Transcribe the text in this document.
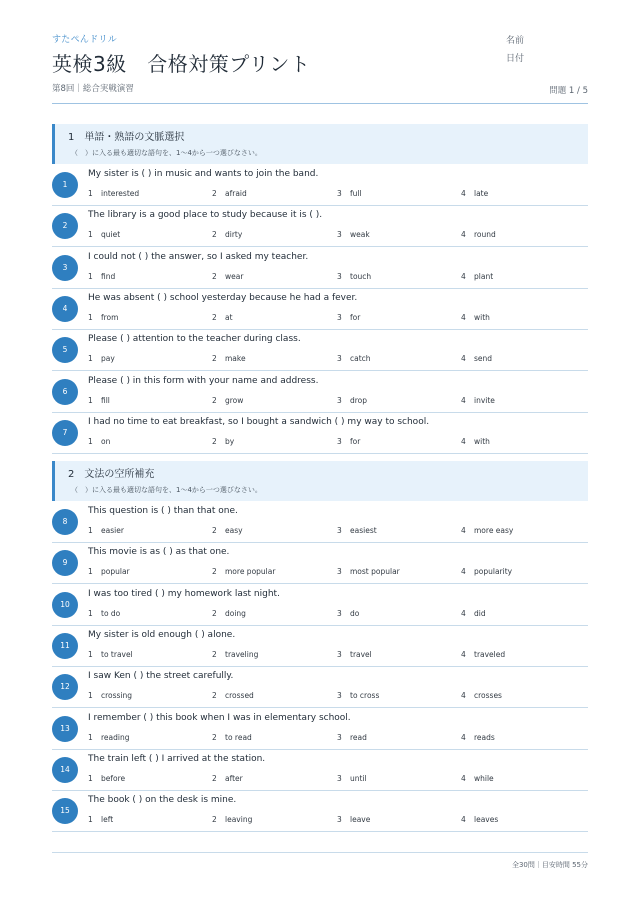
すたぺんドリル
英検3級　合格対策プリント
第8回｜総合実戦演習
名前
日付
問題 1 / 5
1　単語・熟語の文脈選択
（　）に入る最も適切な語句を、1〜4から一つ選びなさい。
1
My sister is ( ) in music and wants to join the band.
1 interested	2 afraid	3 full	4 late
2
The library is a good place to study because it is ( ).
1 quiet	2 dirty	3 weak	4 round
3
I could not ( ) the answer, so I asked my teacher.
1 find	2 wear	3 touch	4 plant
4
He was absent ( ) school yesterday because he had a fever.
1 from	2 at	3 for	4 with
5
Please ( ) attention to the teacher during class.
1 pay	2 make	3 catch	4 send
6
Please ( ) in this form with your name and address.
1 fill	2 grow	3 drop	4 invite
7
I had no time to eat breakfast, so I bought a sandwich ( ) my way to school.
1 on	2 by	3 for	4 with
2　文法の空所補充
（　）に入る最も適切な語句を、1〜4から一つ選びなさい。
8
This question is ( ) than that one.
1 easier	2 easy	3 easiest	4 more easy
9
This movie is as ( ) as that one.
1 popular	2 more popular	3 most popular	4 popularity
10
I was too tired ( ) my homework last night.
1 to do	2 doing	3 do	4 did
11
My sister is old enough ( ) alone.
1 to travel	2 traveling	3 travel	4 traveled
12
I saw Ken ( ) the street carefully.
1 crossing	2 crossed	3 to cross	4 crosses
13
I remember ( ) this book when I was in elementary school.
1 reading	2 to read	3 read	4 reads
14
The train left ( ) I arrived at the station.
1 before	2 after	3 until	4 while
15
The book ( ) on the desk is mine.
1 left	2 leaving	3 leave	4 leaves
全30問｜目安時間 55分
